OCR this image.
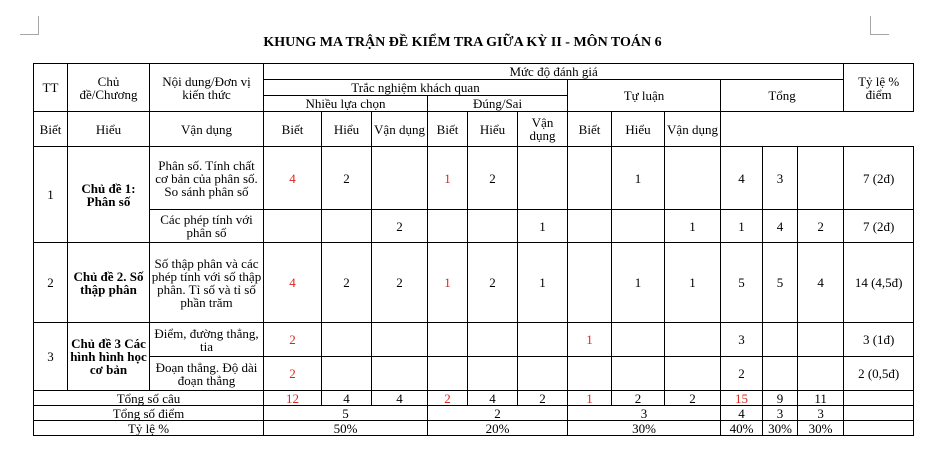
KHUNG MA TRẬN ĐỀ KIỂM TRA GIỮA KỲ II - MÔN TOÁN 6
TT	Chủ đề/Chương	Nội dung/Đơn vị kiến thức	Mức độ đánh giá												Tỷ lệ % điểm
			Trắc nghiệm khách quan						Tự luận			Tổng			
			Nhiều lựa chọn			Đúng/Sai									
Biết	Hiểu	Vận dụng	Biết	Hiểu	Vận dụng	Biết	Hiểu	Vận dụng	Biết	Hiểu	Vận dụng				
1	Chủ đề 1: Phân số	Phân số. Tính chất cơ bản của phân số. So sánh phân số	4	2		1	2			1		4	3		7 (2đ)
		Các phép tính với phân số			2			1			1	1	4	2	7 (2đ)
2	Chủ đề 2. Số thập phân	Số thập phân và các phép tính với số thập phân. Tỉ số và tỉ số phần trăm	4	2	2	1	2	1		1	1	5	5	4	14 (4,5đ)
3	Chủ đề 3 Các hình hình học cơ bản	Điểm, đường thẳng, tia	2						1			3			3 (1đ)
		Đoạn thẳng. Độ dài đoạn thẳng	2									2			2 (0,5đ)
Tổng số câu			12	4	4	2	4	2	1	2	2	15	9	11	
Tổng số điểm			5			2			3			4	3	3	
Tỷ lệ %			50%			20%			30%			40%	30%	30%	
